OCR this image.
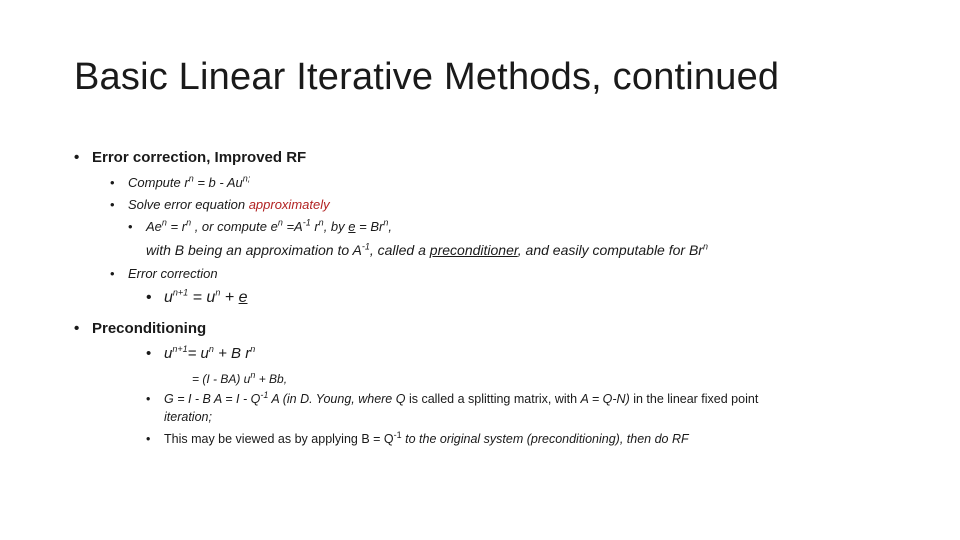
Basic Linear Iterative Methods, continued
• Error correction, Improved RF
• Compute $r^n = b - Au^{n;}$
• Solve error equation approximately
• $Ae^n = r^n$ , or compute $e^n =A^{-1}$ $r^n$, by $e = Br^n$,
with B being an approximation to $A^{-1}$, called a preconditioner, and easily computable for Br$^n$
• Error correction
• $u^{n+1} = u^n + e$
• Preconditioning
• $u^{n+1}= u^n + B$ $r^n$
= (I - BA) $u^n + Bb$,
• G = I - B $A = I - Q^{-1}$ A (in D. Young, where Q is called a splitting matrix, with A = Q-N) in the linear fixed point
iteration;
• This may be viewed as by applying $B = Q^{-1}$ to the original system (preconditioning), then do RF
